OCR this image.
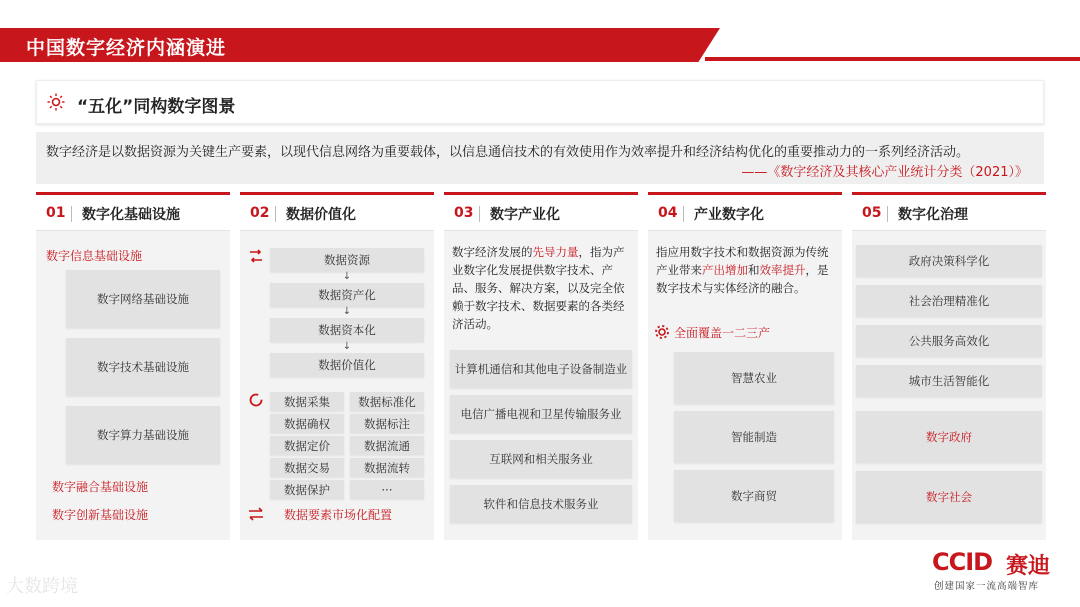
中国数字经济内涵演进
“五化”同构数字图景
数字经济是以数据资源为关键生产要素，以现代信息网络为重要载体，以信息通信技术的有效使用作为效率提升和经济结构优化的重要推动力的一系列经济活动。
——《数字经济及其核心产业统计分类（2021）》
01 数字化基础设施
数字信息基础设施
数字网络基础设施
数字技术基础设施
数字算力基础设施
数字融合基础设施
数字创新基础设施
02 数据价值化
数据资源
↓
数据资产化
↓
数据资本化
↓
数据价值化
数据采集	数据标准化
数据确权	数据标注
数据定价	数据流通
数据交易	数据流转
数据保护	···
数据要素市场化配置
03 数字产业化
数字经济发展的先导力量，指为产业数字化发展提供数字技术、产品、服务、解决方案，以及完全依赖于数字技术、数据要素的各类经济活动。
计算机通信和其他电子设备制造业
电信广播电视和卫星传输服务业
互联网和相关服务业
软件和信息技术服务业
04 产业数字化
指应用数字技术和数据资源为传统产业带来产出增加和效率提升，是数字技术与实体经济的融合。
全面覆盖一二三产
智慧农业
智能制造
数字商贸
05 数字化治理
政府决策科学化
社会治理精准化
公共服务高效化
城市生活智能化
数字政府
数字社会
大数跨境
CCID 赛迪
创建国家一流高端智库
